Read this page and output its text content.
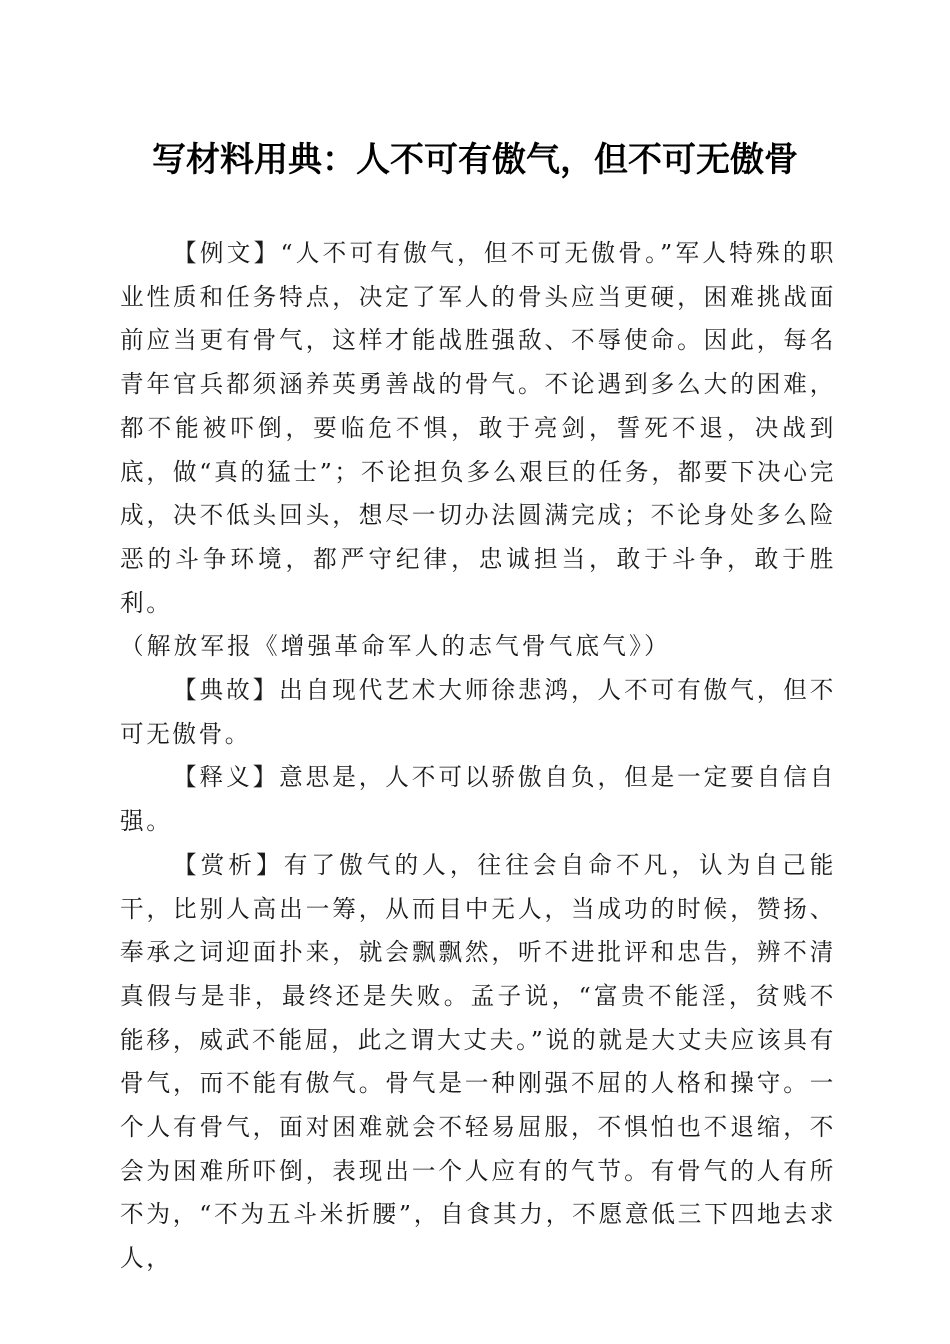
写材料用典：人不可有傲气，但不可无傲骨

【例文】“人不可有傲气，但不可无傲骨。”军人特殊的职业性质和任务特点，决定了军人的骨头应当更硬，困难挑战面前应当更有骨气，这样才能战胜强敌、不辱使命。因此，每名青年官兵都须涵养英勇善战的骨气。不论遇到多么大的困难，都不能被吓倒，要临危不惧，敢于亮剑，誓死不退，决战到底，做“真的猛士”；不论担负多么艰巨的任务，都要下决心完成，决不低头回头，想尽一切办法圆满完成；不论身处多么险恶的斗争环境，都严守纪律，忠诚担当，敢于斗争，敢于胜利。

（解放军报《增强革命军人的志气骨气底气》）

【典故】出自现代艺术大师徐悲鸿，人不可有傲气，但不可无傲骨。

【释义】意思是，人不可以骄傲自负，但是一定要自信自强。

【赏析】有了傲气的人，往往会自命不凡，认为自己能干，比别人高出一筹，从而目中无人，当成功的时候，赞扬、奉承之词迎面扑来，就会飘飘然，听不进批评和忠告，辨不清真假与是非，最终还是失败。孟子说，“富贵不能淫，贫贱不能移，威武不能屈，此之谓大丈夫。”说的就是大丈夫应该具有骨气，而不能有傲气。骨气是一种刚强不屈的人格和操守。一个人有骨气，面对困难就会不轻易屈服，不惧怕也不退缩，不会为困难所吓倒，表现出一个人应有的气节。有骨气的人有所不为，“不为五斗米折腰”，自食其力，不愿意低三下四地去求人，
